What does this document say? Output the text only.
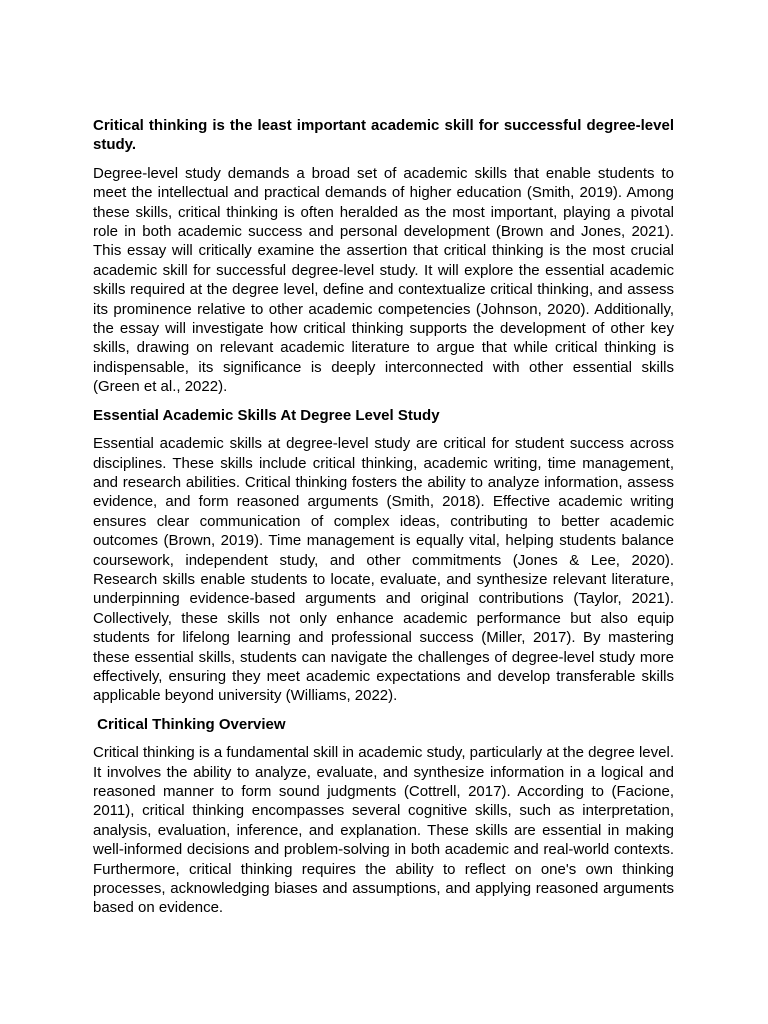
Critical thinking is the least important academic skill for successful degree-level study.

Degree-level study demands a broad set of academic skills that enable students to meet the intellectual and practical demands of higher education (Smith, 2019). Among these skills, critical thinking is often heralded as the most important, playing a pivotal role in both academic success and personal development (Brown and Jones, 2021). This essay will critically examine the assertion that critical thinking is the most crucial academic skill for successful degree-level study. It will explore the essential academic skills required at the degree level, define and contextualize critical thinking, and assess its prominence relative to other academic competencies (Johnson, 2020). Additionally, the essay will investigate how critical thinking supports the development of other key skills, drawing on relevant academic literature to argue that while critical thinking is indispensable, its significance is deeply interconnected with other essential skills (Green et al., 2022).

Essential Academic Skills At Degree Level Study

Essential academic skills at degree-level study are critical for student success across disciplines. These skills include critical thinking, academic writing, time management, and research abilities. Critical thinking fosters the ability to analyze information, assess evidence, and form reasoned arguments (Smith, 2018). Effective academic writing ensures clear communication of complex ideas, contributing to better academic outcomes (Brown, 2019). Time management is equally vital, helping students balance coursework, independent study, and other commitments (Jones & Lee, 2020). Research skills enable students to locate, evaluate, and synthesize relevant literature, underpinning evidence-based arguments and original contributions (Taylor, 2021). Collectively, these skills not only enhance academic performance but also equip students for lifelong learning and professional success (Miller, 2017). By mastering these essential skills, students can navigate the challenges of degree-level study more effectively, ensuring they meet academic expectations and develop transferable skills applicable beyond university (Williams, 2022).

Critical Thinking Overview

Critical thinking is a fundamental skill in academic study, particularly at the degree level. It involves the ability to analyze, evaluate, and synthesize information in a logical and reasoned manner to form sound judgments (Cottrell, 2017). According to (Facione, 2011), critical thinking encompasses several cognitive skills, such as interpretation, analysis, evaluation, inference, and explanation. These skills are essential in making well-informed decisions and problem-solving in both academic and real-world contexts. Furthermore, critical thinking requires the ability to reflect on one's own thinking processes, acknowledging biases and assumptions, and applying reasoned arguments based on evidence.
